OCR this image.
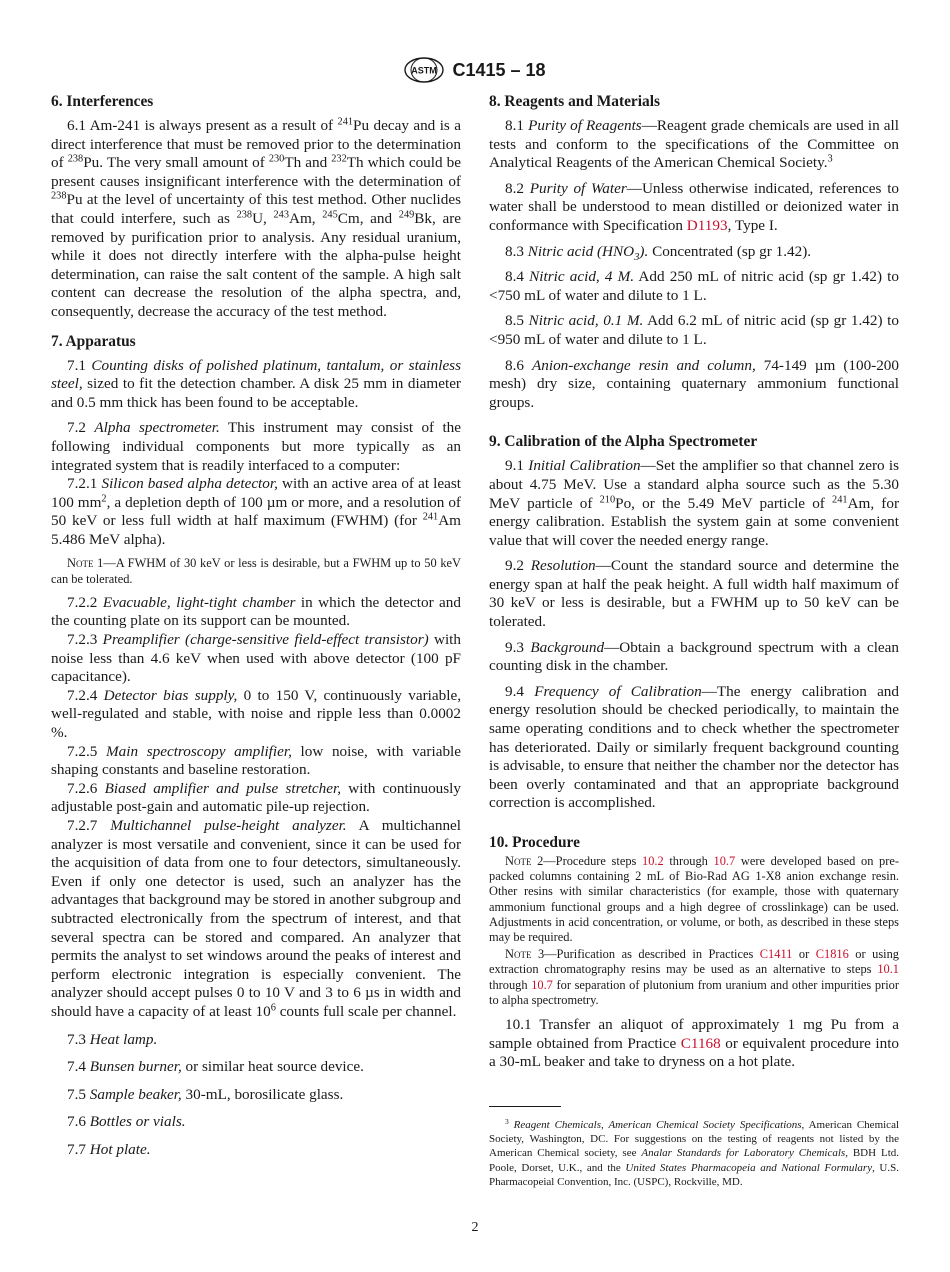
ASTM C1415 – 18
6. Interferences

6.1 Am-241 is always present as a result of $^{241}$Pu decay and is a direct interference that must be removed prior to the determination of $^{238}$Pu. The very small amount of $^{230}$Th and $^{232}$Th which could be present causes insignificant interference with the determination of $^{238}$Pu at the level of uncertainty of this test method. Other nuclides that could interfere, such as $^{238}$U, $^{243}$Am, $^{245}$Cm, and $^{249}$Bk, are removed by purification prior to analysis. Any residual uranium, while it does not directly interfere with the alpha-pulse height determination, can raise the salt content of the sample. A high salt content can decrease the resolution of the alpha spectra, and, consequently, decrease the accuracy of the test method.

7. Apparatus

7.1 Counting disks of polished platinum, tantalum, or stainless steel, sized to fit the detection chamber. A disk 25 mm in diameter and 0.5 mm thick has been found to be acceptable.

7.2 Alpha spectrometer. This instrument may consist of the following individual components but more typically as an integrated system that is readily interfaced to a computer:

7.2.1 Silicon based alpha detector, with an active area of at least 100 $mm^2$, a depletion depth of 100 µm or more, and a resolution of 50 keV or less full width at half maximum (FWHM) (for $^{241}$Am 5.486 MeV alpha).

Note 1—A FWHM of 30 keV or less is desirable, but a FWHM up to 50 keV can be tolerated.

7.2.2 Evacuable, light-tight chamber in which the detector and the counting plate on its support can be mounted.

7.2.3 Preamplifier (charge-sensitive field-effect transistor) with noise less than 4.6 keV when used with above detector (100 pF capacitance).

7.2.4 Detector bias supply, 0 to 150 V, continuously variable, well-regulated and stable, with noise and ripple less than 0.0002 %.

7.2.5 Main spectroscopy amplifier, low noise, with variable shaping constants and baseline restoration.

7.2.6 Biased amplifier and pulse stretcher, with continuously adjustable post-gain and automatic pile-up rejection.

7.2.7 Multichannel pulse-height analyzer. A multichannel analyzer is most versatile and convenient, since it can be used for the acquisition of data from one to four detectors, simultaneously. Even if only one detector is used, such an analyzer has the advantages that background may be stored in another subgroup and subtracted electronically from the spectrum of interest, and that several spectra can be stored and compared. An analyzer that permits the analyst to set windows around the peaks of interest and perform electronic integration is especially convenient. The analyzer should accept pulses 0 to 10 V and 3 to 6 µs in width and should have a capacity of at least $10^6$ counts full scale per channel.

7.3 Heat lamp.

7.4 Bunsen burner, or similar heat source device.

7.5 Sample beaker, 30-mL, borosilicate glass.

7.6 Bottles or vials.

7.7 Hot plate.

8. Reagents and Materials

8.1 Purity of Reagents—Reagent grade chemicals are used in all tests and conform to the specifications of the Committee on Analytical Reagents of the American Chemical Society.$^3$

8.2 Purity of Water—Unless otherwise indicated, references to water shall be understood to mean distilled or deionized water in conformance with Specification D1193, Type I.

8.3 Nitric acid $(HNO_3)$. Concentrated (sp gr 1.42).

8.4 Nitric acid, 4 M. Add 250 mL of nitric acid (sp gr 1.42) to <750 mL of water and dilute to 1 L.

8.5 Nitric acid, 0.1 M. Add 6.2 mL of nitric acid (sp gr 1.42) to <950 mL of water and dilute to 1 L.

8.6 Anion-exchange resin and column, 74-149 µm (100-200 mesh) dry size, containing quaternary ammonium functional groups.

9. Calibration of the Alpha Spectrometer

9.1 Initial Calibration—Set the amplifier so that channel zero is about 4.75 MeV. Use a standard alpha source such as the 5.30 MeV particle of $^{210}$Po, or the 5.49 MeV particle of $^{241}$Am, for energy calibration. Establish the system gain at some convenient value that will cover the needed energy range.

9.2 Resolution—Count the standard source and determine the energy span at half the peak height. A full width half maximum of 30 keV or less is desirable, but a FWHM up to 50 keV can be tolerated.

9.3 Background—Obtain a background spectrum with a clean counting disk in the chamber.

9.4 Frequency of Calibration—The energy calibration and energy resolution should be checked periodically, to maintain the same operating conditions and to check whether the spectrometer has deteriorated. Daily or similarly frequent background counting is advisable, to ensure that neither the chamber nor the detector has been overly contaminated and that an appropriate background correction is accomplished.

10. Procedure

Note 2—Procedure steps 10.2 through 10.7 were developed based on pre-packed columns containing 2 mL of Bio-Rad AG 1-X8 anion exchange resin. Other resins with similar characteristics (for example, those with quaternary ammonium functional groups and a high degree of crosslinkage) can be used. Adjustments in acid concentration, or volume, or both, as described in these steps may be required.

Note 3—Purification as described in Practices C1411 or C1816 or using extraction chromatography resins may be used as an alternative to steps 10.1 through 10.7 for separation of plutonium from uranium and other impurities prior to alpha spectrometry.

10.1 Transfer an aliquot of approximately 1 mg Pu from a sample obtained from Practice C1168 or equivalent procedure into a 30-mL beaker and take to dryness on a hot plate.

$^3$ Reagent Chemicals, American Chemical Society Specifications, American Chemical Society, Washington, DC. For suggestions on the testing of reagents not listed by the American Chemical society, see Analar Standards for Laboratory Chemicals, BDH Ltd. Poole, Dorset, U.K., and the United States Pharmacopeia and National Formulary, U.S. Pharmacopeial Convention, Inc. (USPC), Rockville, MD.

2
